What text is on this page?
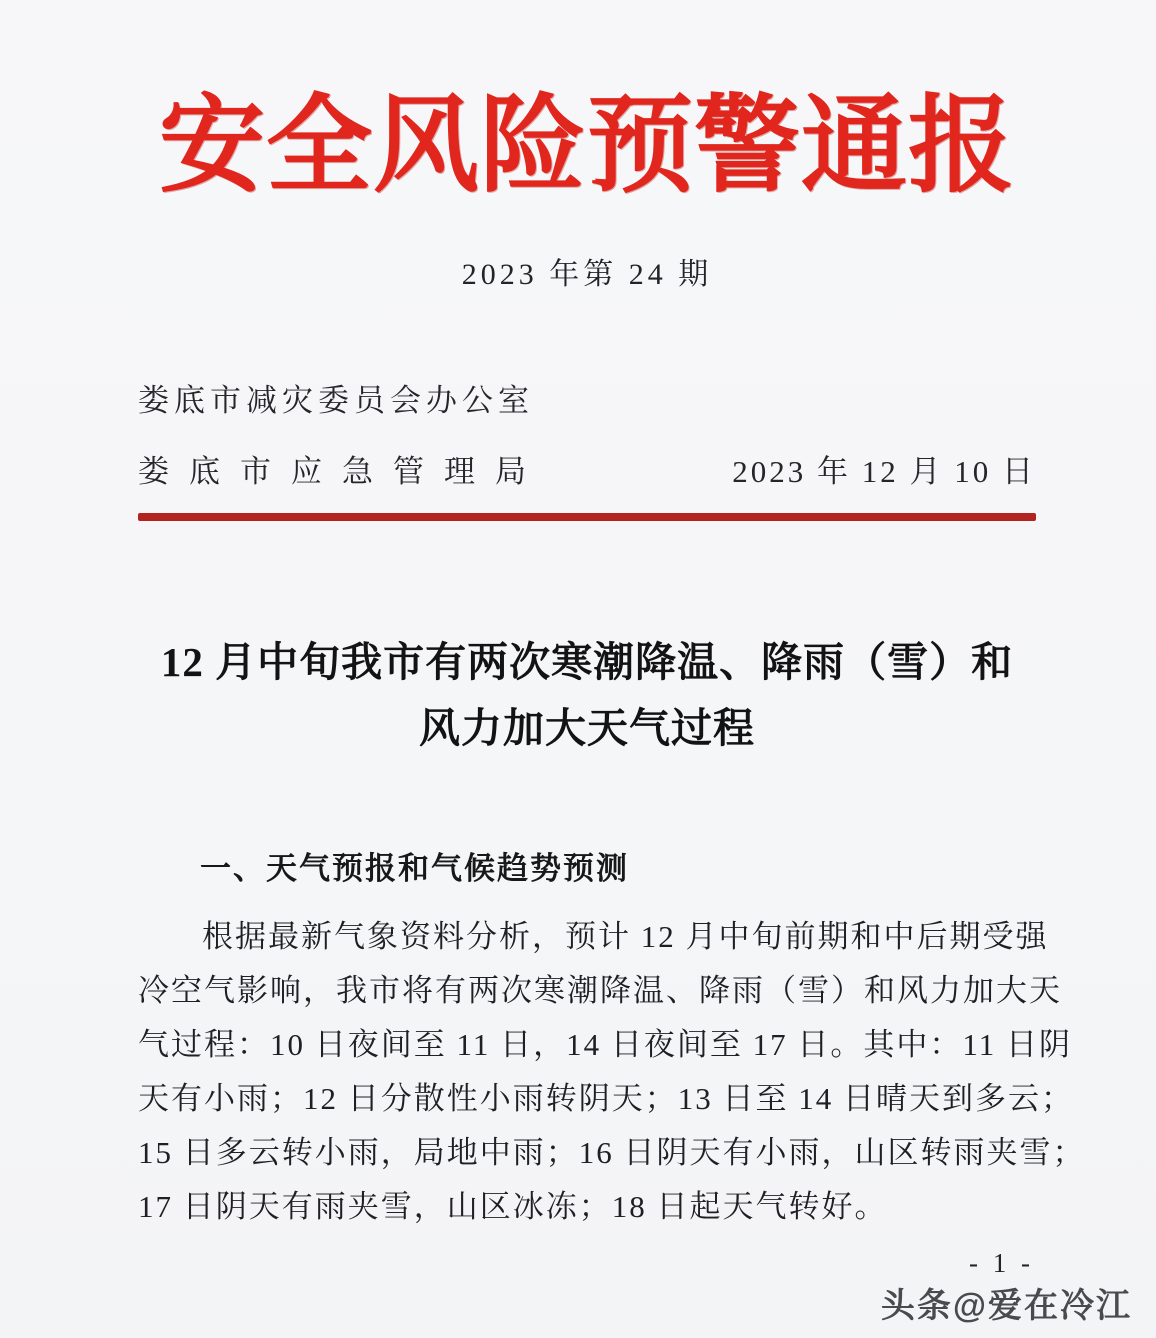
安全风险预警通报
2023 年第 24 期
娄底市减灾委员会办公室
娄底市应急管理局	2023 年 12 月 10 日
12 月中旬我市有两次寒潮降温、降雨（雪）和
风力加大天气过程
一、天气预报和气候趋势预测
根据最新气象资料分析，预计 12 月中旬前期和中后期受强
冷空气影响，我市将有两次寒潮降温、降雨（雪）和风力加大天
气过程：10 日夜间至 11 日，14 日夜间至 17 日。其中：11 日阴
天有小雨；12 日分散性小雨转阴天；13 日至 14 日晴天到多云；
15 日多云转小雨，局地中雨；16 日阴天有小雨，山区转雨夹雪；
17 日阴天有雨夹雪，山区冰冻；18 日起天气转好。
- 1 -
头条@爱在冷江
